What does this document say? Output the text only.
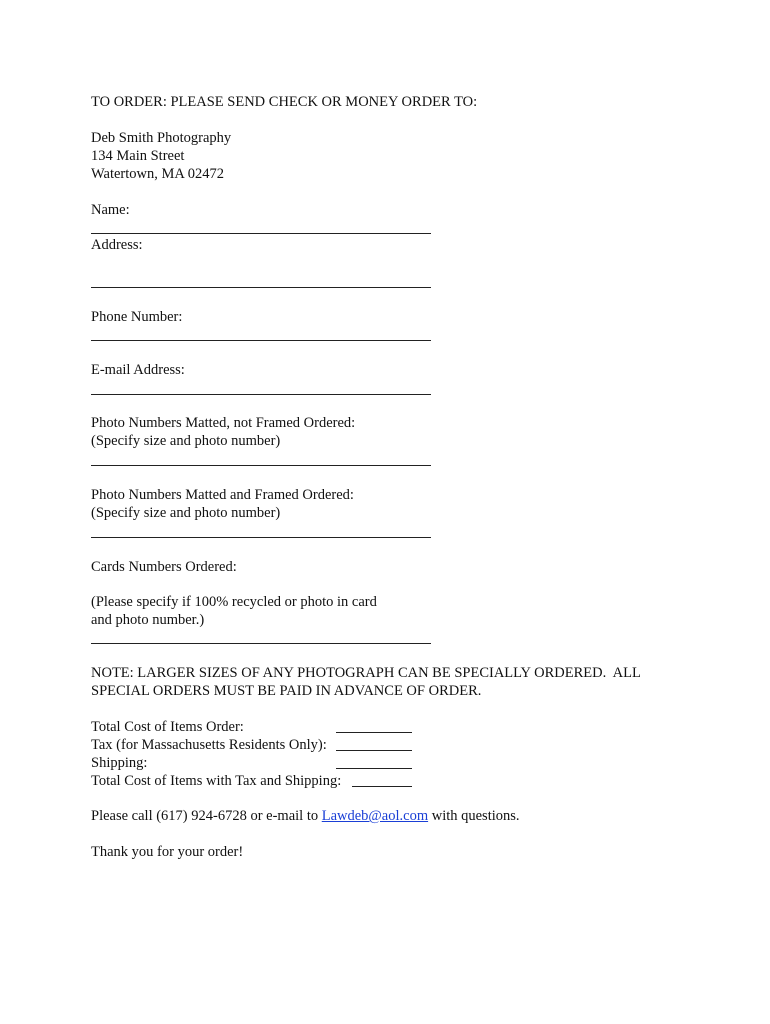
TO ORDER: PLEASE SEND CHECK OR MONEY ORDER TO:
Deb Smith Photography
134 Main Street
Watertown, MA 02472
Name:
Address:
Phone Number:
E-mail Address:
Photo Numbers Matted, not Framed Ordered:
(Specify size and photo number)
Photo Numbers Matted and Framed Ordered:
(Specify size and photo number)
Cards Numbers Ordered:
(Please specify if 100% recycled or photo in card
and photo number.)
NOTE: LARGER SIZES OF ANY PHOTOGRAPH CAN BE SPECIALLY ORDERED.  ALL
SPECIAL ORDERS MUST BE PAID IN ADVANCE OF ORDER.
Total Cost of Items Order:
Tax (for Massachusetts Residents Only):
Shipping:
Total Cost of Items with Tax and Shipping:
Please call (617) 924-6728 or e-mail to Lawdeb@aol.com with questions.
Thank you for your order!
